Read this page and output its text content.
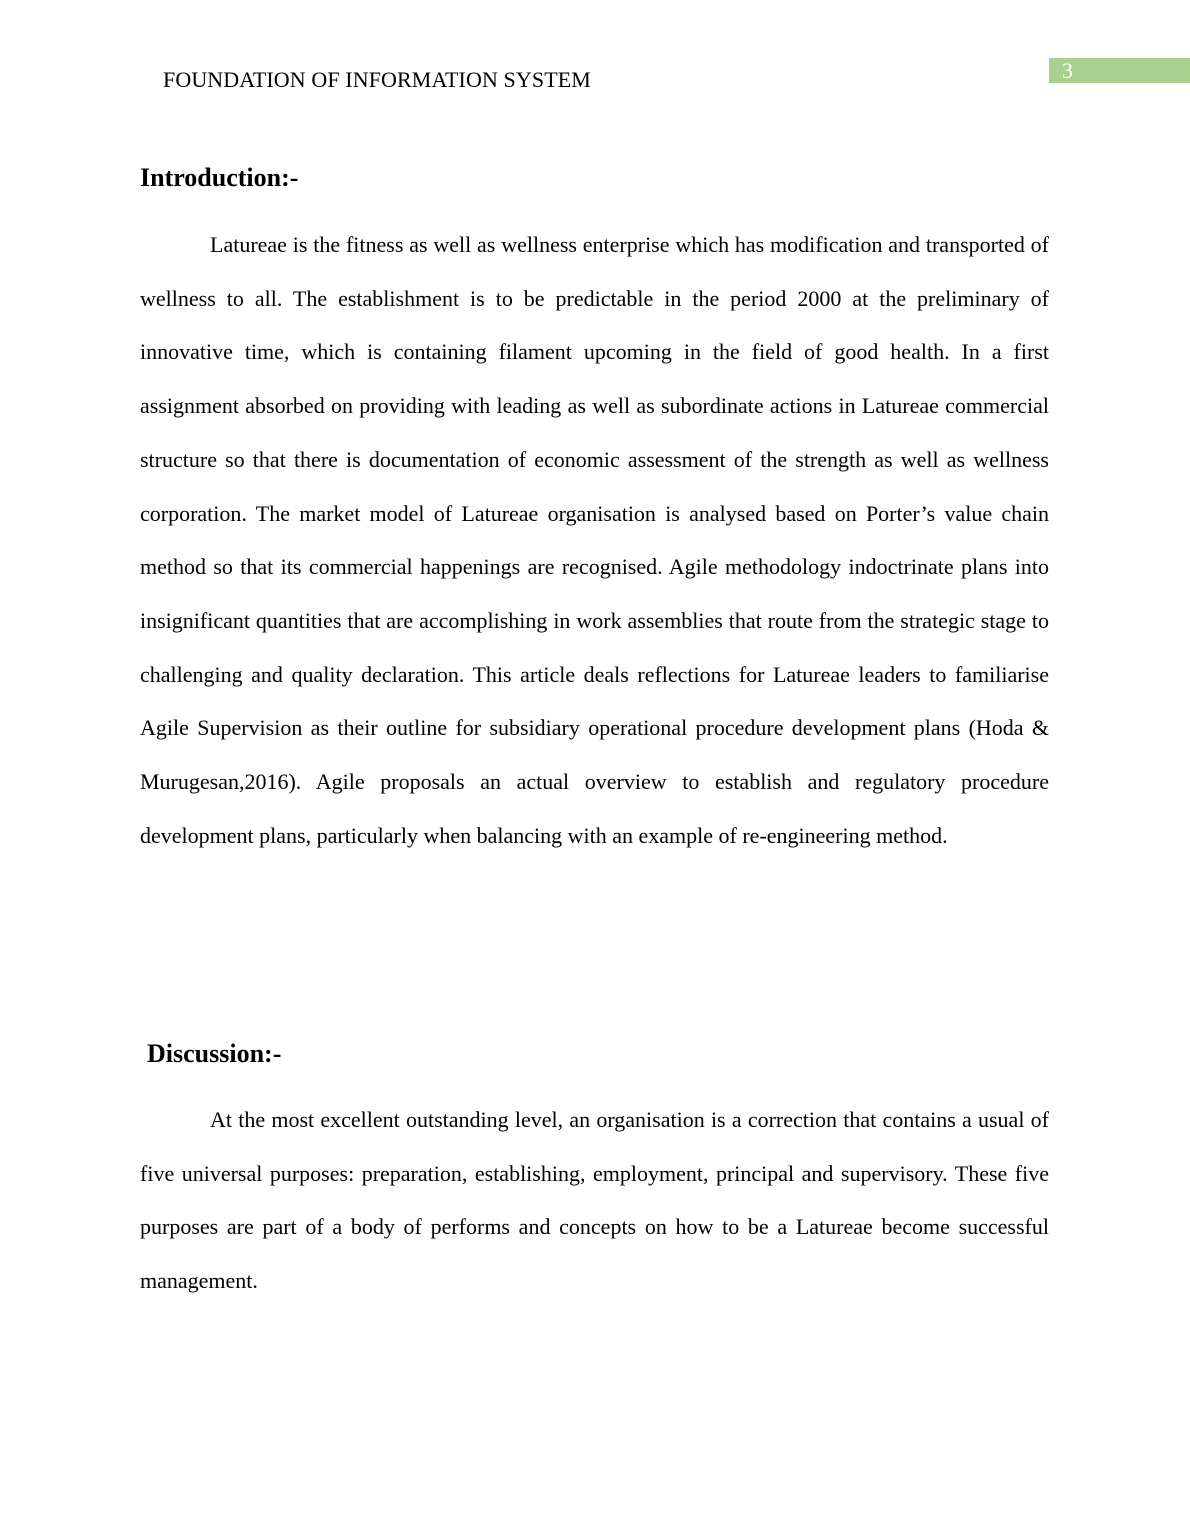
FOUNDATION OF INFORMATION SYSTEM	3
Introduction:-

Latureae is the fitness as well as wellness enterprise which has modification and transported of wellness to all. The establishment is to be predictable in the period 2000 at the preliminary of innovative time, which is containing filament upcoming in the field of good health. In a first assignment absorbed on providing with leading as well as subordinate actions in Latureae commercial structure so that there is documentation of economic assessment of the strength as well as wellness corporation. The market model of Latureae organisation is analysed based on Porter’s value chain method so that its commercial happenings are recognised. Agile methodology indoctrinate plans into insignificant quantities that are accomplishing in work assemblies that route from the strategic stage to challenging and quality declaration. This article deals reflections for Latureae leaders to familiarise Agile Supervision as their outline for subsidiary operational procedure development plans (Hoda & Murugesan,2016). Agile proposals an actual overview to establish and regulatory procedure development plans, particularly when balancing with an example of re-engineering method.

Discussion:-

At the most excellent outstanding level, an organisation is a correction that contains a usual of five universal purposes: preparation, establishing, employment, principal and supervisory. These five purposes are part of a body of performs and concepts on how to be a Latureae become successful management.
